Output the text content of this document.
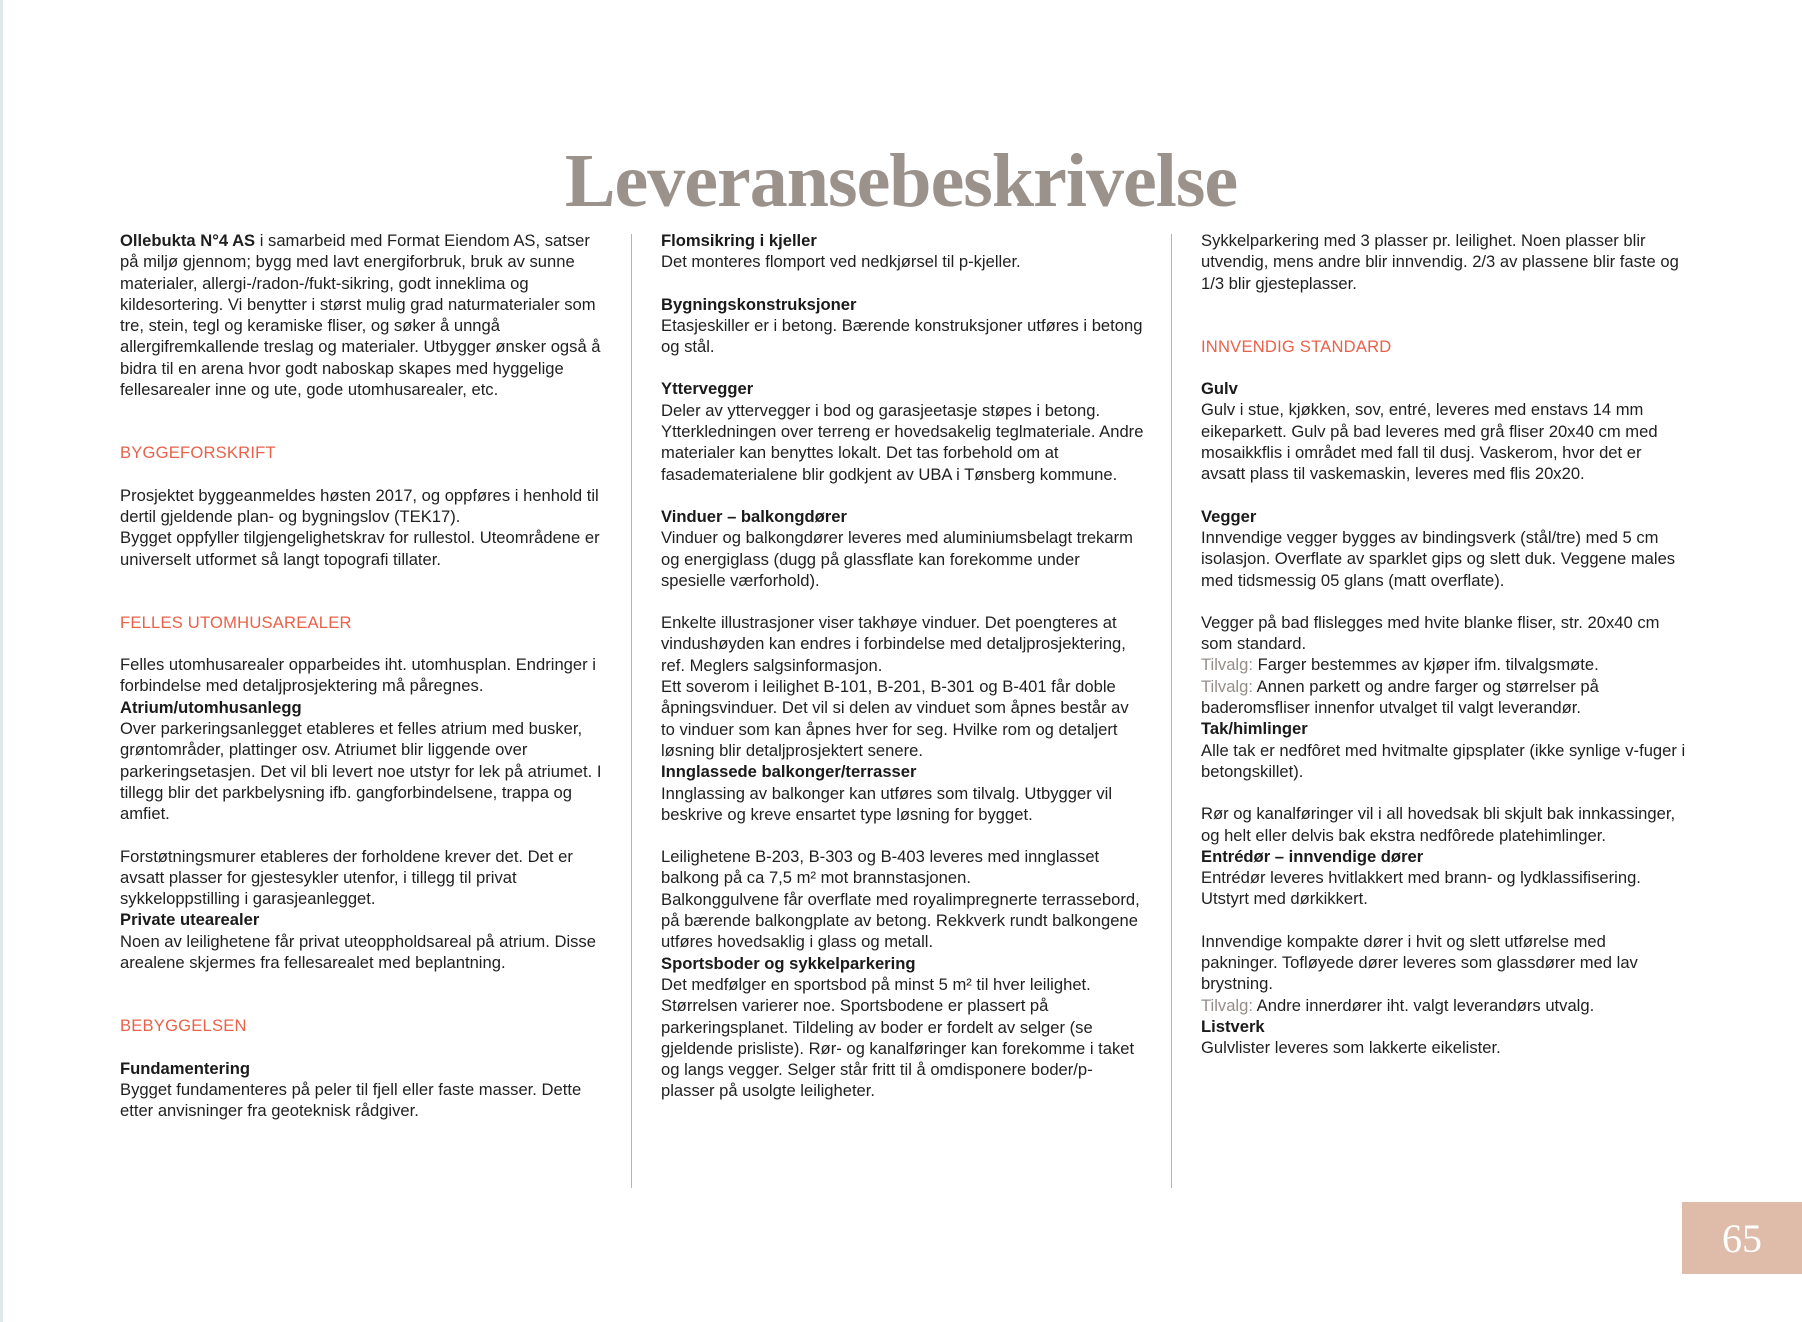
Leveransebeskrivelse

Ollebukta N°4 AS i samarbeid med Format Eiendom AS, satser på miljø gjennom; bygg med lavt energiforbruk, bruk av sunne materialer, allergi-/radon-/fukt-sikring, godt inneklima og kildesortering. Vi benytter i størst mulig grad naturmaterialer som tre, stein, tegl og keramiske fliser, og søker å unngå allergifremkallende treslag og materialer. Utbygger ønsker også å bidra til en arena hvor godt naboskap skapes med hyggelige fellesarealer inne og ute, gode utomhusarealer, etc.

BYGGEFORSKRIFT

Prosjektet byggeanmeldes høsten 2017, og oppføres i henhold til dertil gjeldende plan- og bygningslov (TEK17).

Bygget oppfyller tilgjengelighetskrav for rullestol. Uteområdene er universelt utformet så langt topografi tillater.

FELLES UTOMHUSAREALER

Felles utomhusarealer opparbeides iht. utomhusplan. Endringer i forbindelse med detaljprosjektering må påregnes.

Atrium/utomhusanlegg

Over parkeringsanlegget etableres et felles atrium med busker, grøntområder, plattinger osv. Atriumet blir liggende over parkeringsetasjen. Det vil bli levert noe utstyr for lek på atriumet. I tillegg blir det parkbelysning ifb. gangforbindelsene, trappa og amfiet.

Forstøtningsmurer etableres der forholdene krever det. Det er avsatt plasser for gjestesykler utenfor, i tillegg til privat sykkeloppstilling i garasjeanlegget.

Private utearealer

Noen av leilighetene får privat uteoppholdsareal på atrium. Disse arealene skjermes fra fellesarealet med beplantning.

BEBYGGELSEN
Fundamentering

Bygget fundamenteres på peler til fjell eller faste masser. Dette etter anvisninger fra geoteknisk rådgiver.

Flomsikring i kjeller

Det monteres flomport ved nedkjørsel til p-kjeller.

Bygningskonstruksjoner

Etasjeskiller er i betong. Bærende konstruksjoner utføres i betong og stål.

Yttervegger

Deler av yttervegger i bod og garasjeetasje støpes i betong. Ytterkledningen over terreng er hovedsakelig teglmateriale. Andre materialer kan benyttes lokalt. Det tas forbehold om at fasadematerialene blir godkjent av UBA i Tønsberg kommune.

Vinduer – balkongdører

Vinduer og balkongdører leveres med aluminiumsbelagt trekarm og energiglass (dugg på glassflate kan forekomme under spesielle værforhold).

Enkelte illustrasjoner viser takhøye vinduer. Det poengteres at vindushøyden kan endres i forbindelse med detaljprosjektering, ref. Meglers salgsinformasjon.

Ett soverom i leilighet B-101, B-201, B-301 og B-401 får doble åpningsvinduer. Det vil si delen av vinduet som åpnes består av to vinduer som kan åpnes hver for seg. Hvilke rom og detaljert løsning blir detaljprosjektert senere.

Innglassede balkonger/terrasser

Innglassing av balkonger kan utføres som tilvalg. Utbygger vil beskrive og kreve ensartet type løsning for bygget.

Leilighetene B-203, B-303 og B-403 leveres med innglasset balkong på ca 7,5 m² mot brannstasjonen.

Balkonggulvene får overflate med royalimpregnerte terrassebord, på bærende balkongplate av betong. Rekkverk rundt balkongene utføres hovedsaklig i glass og metall.

Sportsboder og sykkelparkering

Det medfølger en sportsbod på minst 5 m² til hver leilighet. Størrelsen varierer noe. Sportsbodene er plassert på parkeringsplanet. Tildeling av boder er fordelt av selger (se gjeldende prisliste). Rør- og kanalføringer kan forekomme i taket og langs vegger. Selger står fritt til å omdisponere boder/p-plasser på usolgte leiligheter.

Sykkelparkering med 3 plasser pr. leilighet. Noen plasser blir utvendig, mens andre blir innvendig. 2/3 av plassene blir faste og 1/3 blir gjesteplasser.

INNVENDIG STANDARD
Gulv

Gulv i stue, kjøkken, sov, entré, leveres med enstavs 14 mm eikeparkett. Gulv på bad leveres med grå fliser 20x40 cm med mosaikkflis i området med fall til dusj. Vaskerom, hvor det er avsatt plass til vaskemaskin, leveres med flis 20x20.

Vegger

Innvendige vegger bygges av bindingsverk (stål/tre) med 5 cm isolasjon. Overflate av sparklet gips og slett duk. Veggene males med tidsmessig 05 glans (matt overflate).

Vegger på bad flislegges med hvite blanke fliser, str. 20x40 cm som standard.

Tilvalg: Farger bestemmes av kjøper ifm. tilvalgsmøte.

Tilvalg: Annen parkett og andre farger og størrelser på baderomsfliser innenfor utvalget til valgt leverandør.

Tak/himlinger

Alle tak er nedfôret med hvitmalte gipsplater (ikke synlige v-fuger i betongskillet).

Rør og kanalføringer vil i all hovedsak bli skjult bak innkassinger, og helt eller delvis bak ekstra nedfôrede platehimlinger.

Entrédør – innvendige dører

Entrédør leveres hvitlakkert med brann- og lydklassifisering. Utstyrt med dørkikkert.

Innvendige kompakte dører i hvit og slett utførelse med pakninger. Tofløyede dører leveres som glassdører med lav brystning.

Tilvalg: Andre innerdører iht. valgt leverandørs utvalg.

Listverk

Gulvlister leveres som lakkerte eikelister.

65
